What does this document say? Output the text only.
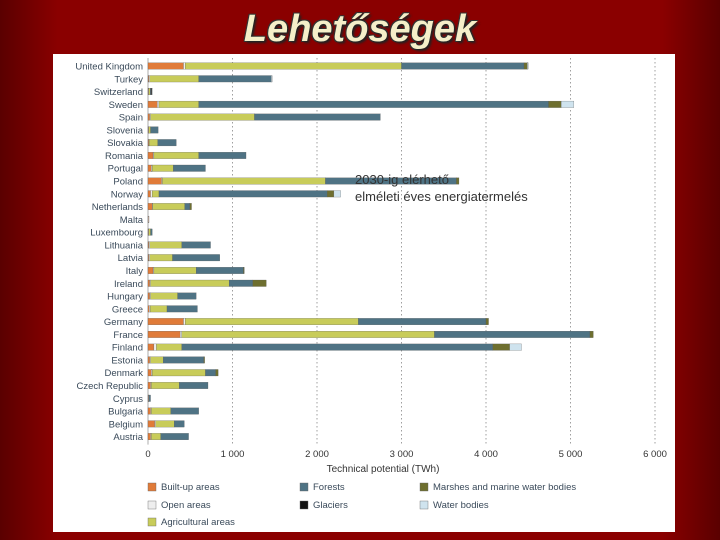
Lehetőségek
United Kingdom
Turkey
Switzerland
Sweden
Spain
Slovenia
Slovakia
Romania
Portugal
Poland
Norway
Netherlands
Malta
Luxembourg
Lithuania
Latvia
Italy
Ireland
Hungary
Greece
Germany
France
Finland
Estonia
Denmark
Czech Republic
Cyprus
Bulgaria
Belgium
Austria
0	1 000	2 000	3 000	4 000	5 000	6 000
Technical potential (TWh)
Built-up areas	Forests	Marshes and marine water bodies
Open areas	Glaciers	Water bodies
Agricultural areas
2030-ig elérhető
elméleti éves energiatermelés
